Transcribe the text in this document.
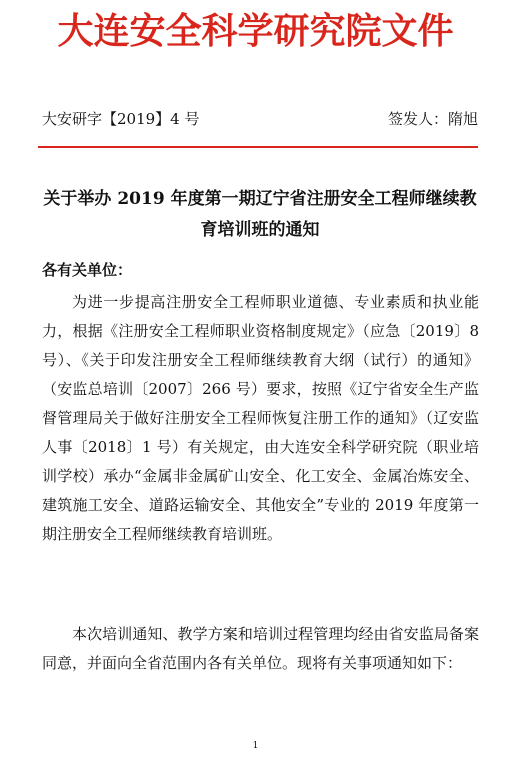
大连安全科学研究院文件
大安研字【2019】4 号	签发人：隋旭
关于举办 2019 年度第一期辽宁省注册安全工程师继续教育培训班的通知
各有关单位：

为进一步提高注册安全工程师职业道德、专业素质和执业能力，根据《注册安全工程师职业资格制度规定》（应急〔2019〕8 号）、《关于印发注册安全工程师继续教育大纲（试行）的通知》（安监总培训〔2007〕266 号）要求，按照《辽宁省安全生产监督管理局关于做好注册安全工程师恢复注册工作的通知》（辽安监人事〔2018〕1 号）有关规定，由大连安全科学研究院（职业培训学校）承办“金属非金属矿山安全、化工安全、金属冶炼安全、建筑施工安全、道路运输安全、其他安全”专业的 2019 年度第一期注册安全工程师继续教育培训班。

本次培训通知、教学方案和培训过程管理均经由省安监局备案同意，并面向全省范围内各有关单位。现将有关事项通知如下：

1
